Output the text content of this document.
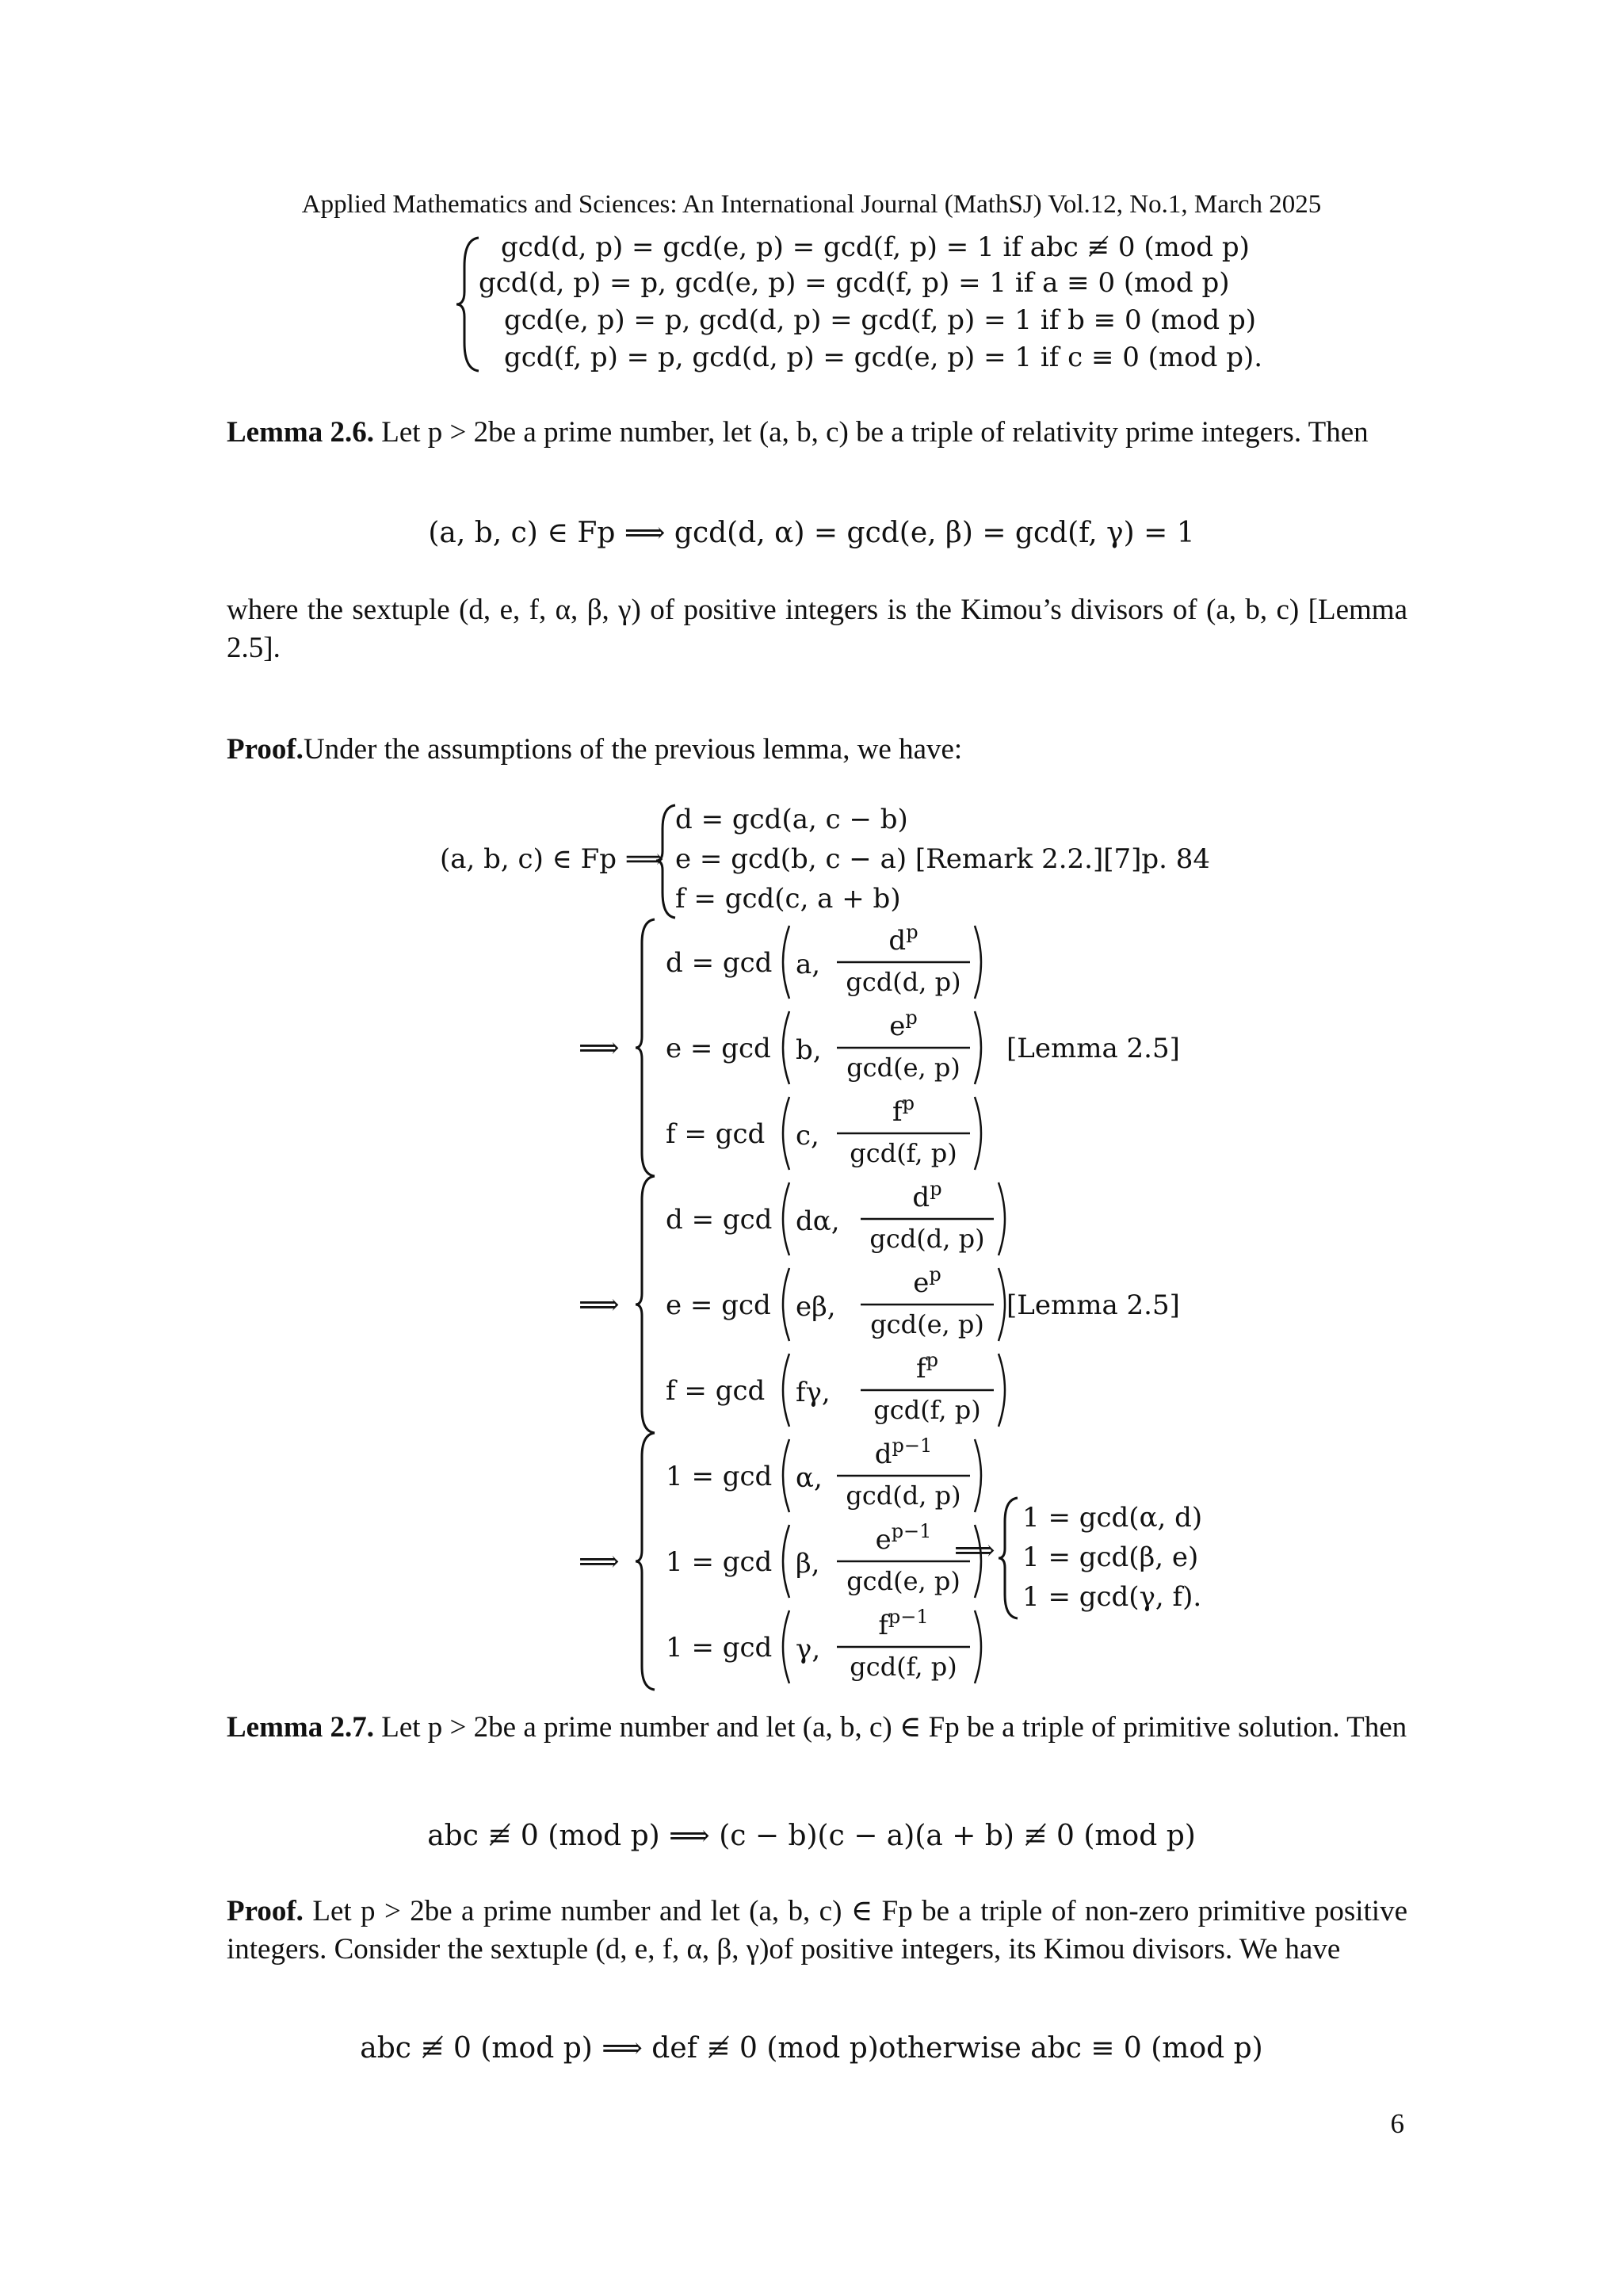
Applied Mathematics and Sciences: An International Journal (MathSJ) Vol.12, No.1, March 2025
gcd(d, p) = gcd(e, p) = gcd(f, p) = 1 if abc ≢ 0 (mod p)
gcd(d, p) = p, gcd(e, p) = gcd(f, p) = 1 if a ≡ 0 (mod p)
gcd(e, p) = p, gcd(d, p) = gcd(f, p) = 1 if b ≡ 0 (mod p)
gcd(f, p) = p, gcd(d, p) = gcd(e, p) = 1 if c ≡ 0 (mod p).
Lemma 2.6. Let p > 2be a prime number, let (a, b, c) be a triple of relativity prime integers. Then
(a, b, c) ∈ Fp ⟹ gcd(d, α) = gcd(e, β) = gcd(f, γ) = 1
where the sextuple (d, e, f, α, β, γ) of positive integers is the Kimou’s divisors of (a, b, c) [Lemma 2.5].
Proof.Under the assumptions of the previous lemma, we have:
(a, b, c) ∈ Fp ⟹
d = gcd(a, c − b)
e = gcd(b, c − a) [Remark 2.2.][7]p. 84
f = gcd(c, a + b)
⟹
d = gcd a,
$d^p$
gcd(d, p)
e = gcd b,
$e^p$
gcd(e, p)
f = gcd c,
$f^p$
gcd(f, p)
[Lemma 2.5]
⟹
d = gcd dα,
$d^p$
gcd(d, p)
e = gcd eβ,
$e^p$
gcd(e, p)
f = gcd fγ,
$f^p$
gcd(f, p)
[Lemma 2.5]
⟹
1 = gcd α,
$d^{p-1}$
gcd(d, p)
1 = gcd β,
$e^{p-1}$
gcd(e, p)
1 = gcd γ,
$f^{p-1}$
gcd(f, p)
⟹
1 = gcd(α, d)
1 = gcd(β, e)
1 = gcd(γ, f).
Lemma 2.7. Let p > 2be a prime number and let (a, b, c) ∈ Fp be a triple of primitive solution. Then
abc ≢ 0 (mod p) ⟹ (c − b)(c − a)(a + b) ≢ 0 (mod p)
Proof. Let p > 2be a prime number and let (a, b, c) ∈ Fp be a triple of non-zero primitive positive integers. Consider the sextuple (d, e, f, α, β, γ)of positive integers, its Kimou divisors. We have
abc ≢ 0 (mod p) ⟹ def ≢ 0 (mod p)otherwise abc ≡ 0 (mod p)
6
